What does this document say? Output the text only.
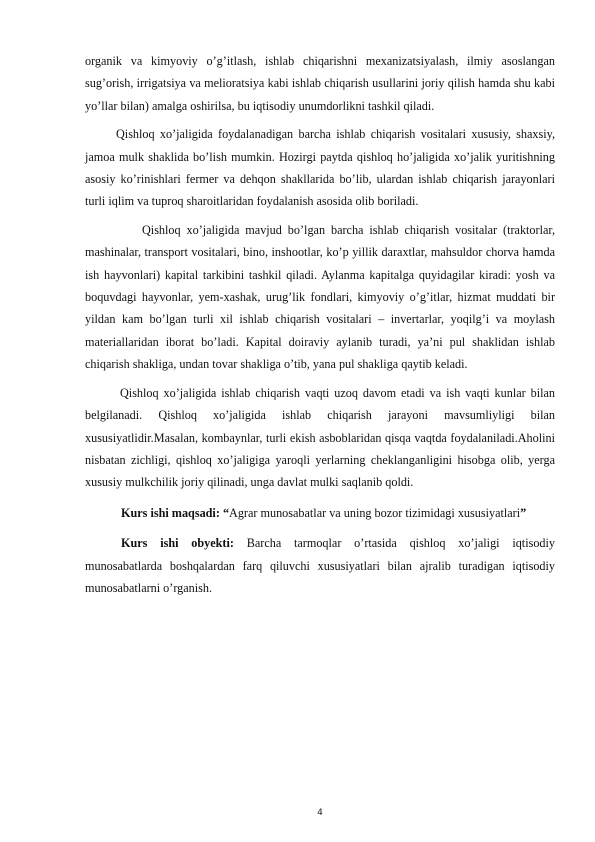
organik va kimyoviy o’g’itlash, ishlab chiqarishni mexanizatsiyalash, ilmiy asoslangan sug’orish, irrigatsiya va melioratsiya kabi ishlab chiqarish usullarini joriy qilish hamda shu kabi yo’llar bilan) amalga oshirilsa, bu iqtisodiy unumdorlikni tashkil qiladi.

Qishloq xo’jaligida foydalanadigan barcha ishlab chiqarish vositalari xususiy, shaxsiy, jamoa mulk shaklida bo’lish mumkin. Hozirgi paytda qishloq ho’jaligida xo’jalik yuritishning asosiy ko’rinishlari fermer va dehqon shakllarida bo’lib, ulardan ishlab chiqarish jarayonlari turli iqlim va tuproq sharoitlaridan foydalanish asosida olib boriladi.

Qishloq xo’jaligida mavjud bo’lgan barcha ishlab chiqarish vositalar (traktorlar, mashinalar, transport vositalari, bino, inshootlar, ko’p yillik daraxtlar, mahsuldor chorva hamda ish hayvonlari) kapital tarkibini tashkil qiladi. Aylanma kapitalga quyidagilar kiradi: yosh va boquvdagi hayvonlar, yem-xashak, urug’lik fondlari, kimyoviy o’g’itlar, hizmat muddati bir yildan kam bo’lgan turli xil ishlab chiqarish vositalari – invertarlar, yoqilg’i va moylash materiallaridan iborat bo’ladi. Kapital doiraviy aylanib turadi, ya’ni pul shaklidan ishlab chiqarish shakliga, undan tovar shakliga o’tib, yana pul shakliga qaytib keladi.

Qishloq xo’jaligida ishlab chiqarish vaqti uzoq davom etadi va ish vaqti kunlar bilan belgilanadi. Qishloq xo’jaligida ishlab chiqarish jarayoni mavsumliyligi bilan xususiyatlidir.Masalan, kombaynlar, turli ekish asboblaridan qisqa vaqtda foydalaniladi.Aholini nisbatan zichligi, qishloq xo’jaligiga yaroqli yerlarning cheklanganligini hisobga olib, yerga xususiy mulkchilik joriy qilinadi, unga davlat mulki saqlanib qoldi.

Kurs ishi maqsadi: “Agrar munosabatlar va uning bozor tizimidagi xususiyatlari”

Kurs ishi obyekti: Barcha tarmoqlar o’rtasida qishloq xo’jaligi iqtisodiy munosabatlarda boshqalardan farq qiluvchi xususiyatlari bilan ajralib turadigan iqtisodiy munosabatlarni o’rganish.

4
